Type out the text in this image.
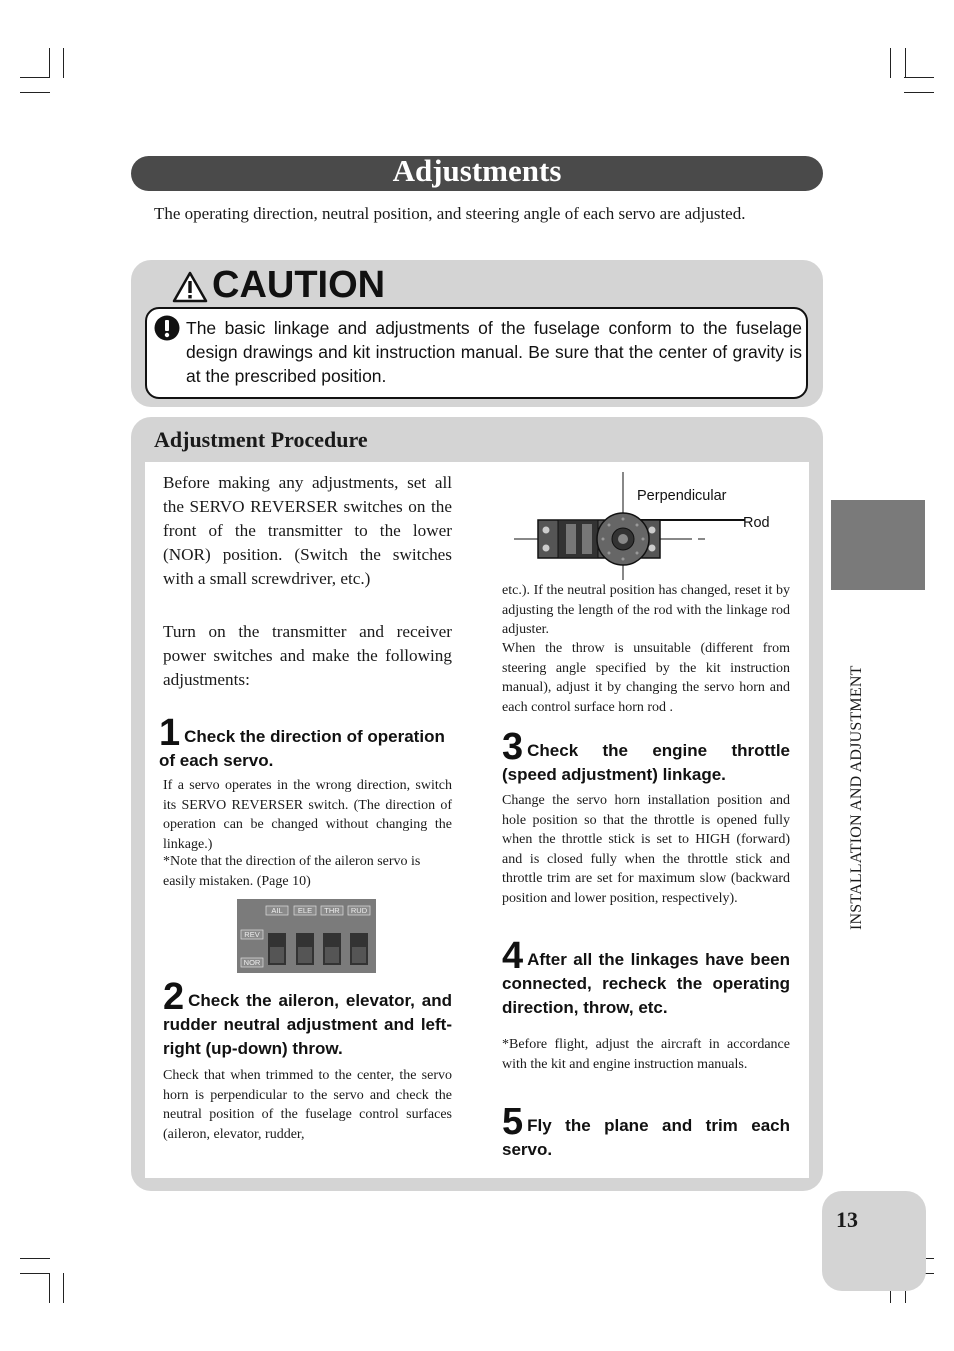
Adjustments
The operating direction, neutral position, and steering angle of each servo are adjusted.
CAUTION
The basic linkage and adjustments of the fuselage conform to the fuselage design drawings and kit instruction manual. Be sure that the center of gravity is at the prescribed position.
Adjustment Procedure
Before making any adjustments, set all the SERVO REVERSER switches on the front of the transmitter to the lower (NOR) position. (Switch the switches with a small screwdriver, etc.)
Turn on the transmitter and receiver power switches and make the following adjustments:
1 Check the direction of operation of each servo.
If a servo operates in the wrong direction, switch its SERVO REVERSER switch. (The direction of operation can be changed without changing the linkage.)
*Note that the direction of the aileron servo is easily mistaken. (Page 10)
AIL ELE THR RUD
REV
NOR
2 Check the aileron, elevator, and rudder neutral adjustment and left-right (up-down) throw.
Check that when trimmed to the center, the servo horn is perpendicular to the servo and check the neutral position of the fuselage control surfaces (aileron, elevator, rudder,
Perpendicular
Rod
etc.). If the neutral position has changed, reset it by adjusting the length of the rod with the linkage rod adjuster.
When the throw is unsuitable (different from steering angle specified by the kit instruction manual), adjust it by changing the servo horn and each control surface horn rod .
3 Check the engine throttle (speed adjustment) linkage.
Change the servo horn installation position and hole position so that the throttle is opened fully when the throttle stick is set to HIGH (forward) and is closed fully when the throttle stick and throttle trim are set for maximum slow (backward position and lower position, respectively).
4 After all the linkages have been connected, recheck the operating direction, throw, etc.
*Before flight, adjust the aircraft in accordance with the kit and engine instruction manuals.
5 Fly the plane and trim each servo.
INSTALLATION AND ADJUSTMENT
13
